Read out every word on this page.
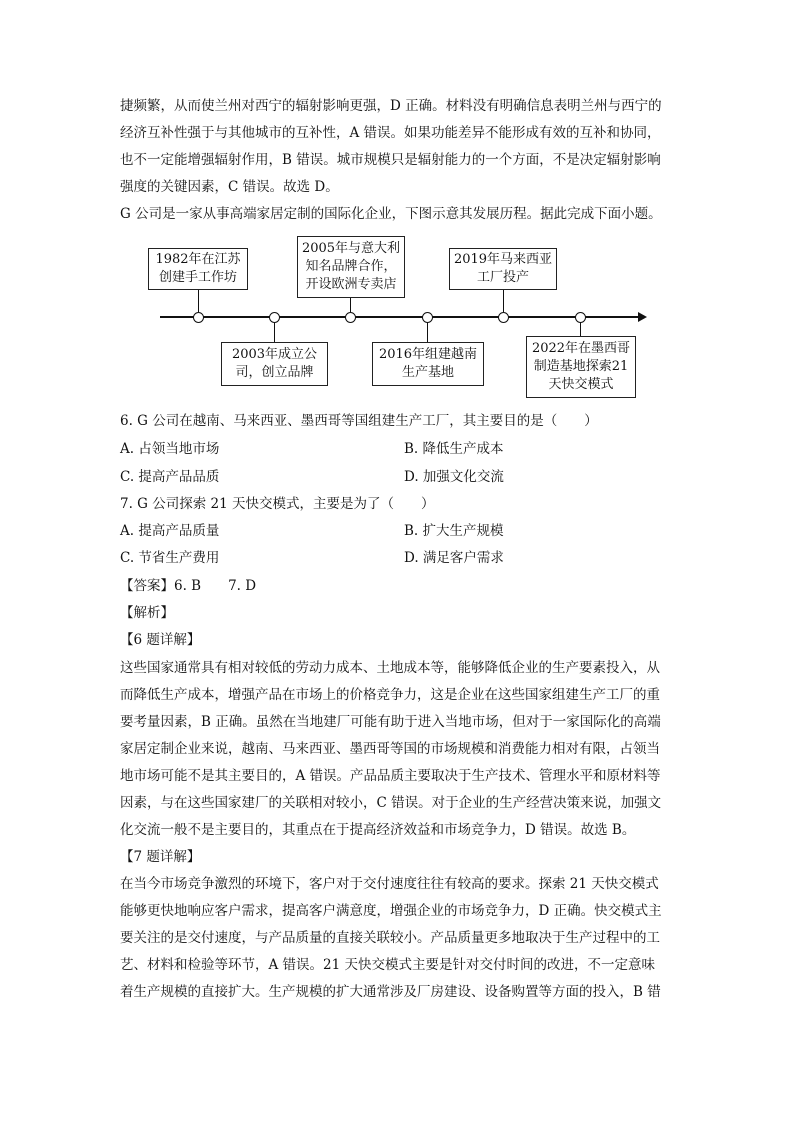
捷频繁，从而使兰州对西宁的辐射影响更强，D 正确。材料没有明确信息表明兰州与西宁的
经济互补性强于与其他城市的互补性，A 错误。如果功能差异不能形成有效的互补和协同，
也不一定能增强辐射作用，B 错误。城市规模只是辐射能力的一个方面，不是决定辐射影响
强度的关键因素，C 错误。故选 D。
G 公司是一家从事高端家居定制的国际化企业，下图示意其发展历程。据此完成下面小题。
1982年在江苏
创建手工作坊
2003年成立公
司，创立品牌
2005年与意大利
知名品牌合作，
开设欧洲专卖店
2016年组建越南
生产基地
2019年马来西亚
工厂投产
2022年在墨西哥
制造基地探索21
天快交模式
6. G 公司在越南、马来西亚、墨西哥等国组建生产工厂，其主要目的是（　　）
A. 占领当地市场	B. 降低生产成本
C. 提高产品品质	D. 加强文化交流
7. G 公司探索 21 天快交模式，主要是为了（　　）
A. 提高产品质量	B. 扩大生产规模
C. 节省生产费用	D. 满足客户需求
【答案】6. B　　7. D
【解析】
【6 题详解】
这些国家通常具有相对较低的劳动力成本、土地成本等，能够降低企业的生产要素投入，从
而降低生产成本，增强产品在市场上的价格竞争力，这是企业在这些国家组建生产工厂的重
要考量因素，B 正确。虽然在当地建厂可能有助于进入当地市场，但对于一家国际化的高端
家居定制企业来说，越南、马来西亚、墨西哥等国的市场规模和消费能力相对有限，占领当
地市场可能不是其主要目的，A 错误。产品品质主要取决于生产技术、管理水平和原材料等
因素，与在这些国家建厂的关联相对较小，C 错误。对于企业的生产经营决策来说，加强文
化交流一般不是主要目的，其重点在于提高经济效益和市场竞争力，D 错误。故选 B。
【7 题详解】
在当今市场竞争激烈的环境下，客户对于交付速度往往有较高的要求。探索 21 天快交模式
能够更快地响应客户需求，提高客户满意度，增强企业的市场竞争力，D 正确。快交模式主
要关注的是交付速度，与产品质量的直接关联较小。产品质量更多地取决于生产过程中的工
艺、材料和检验等环节，A 错误。21 天快交模式主要是针对交付时间的改进，不一定意味
着生产规模的直接扩大。生产规模的扩大通常涉及厂房建设、设备购置等方面的投入，B 错
